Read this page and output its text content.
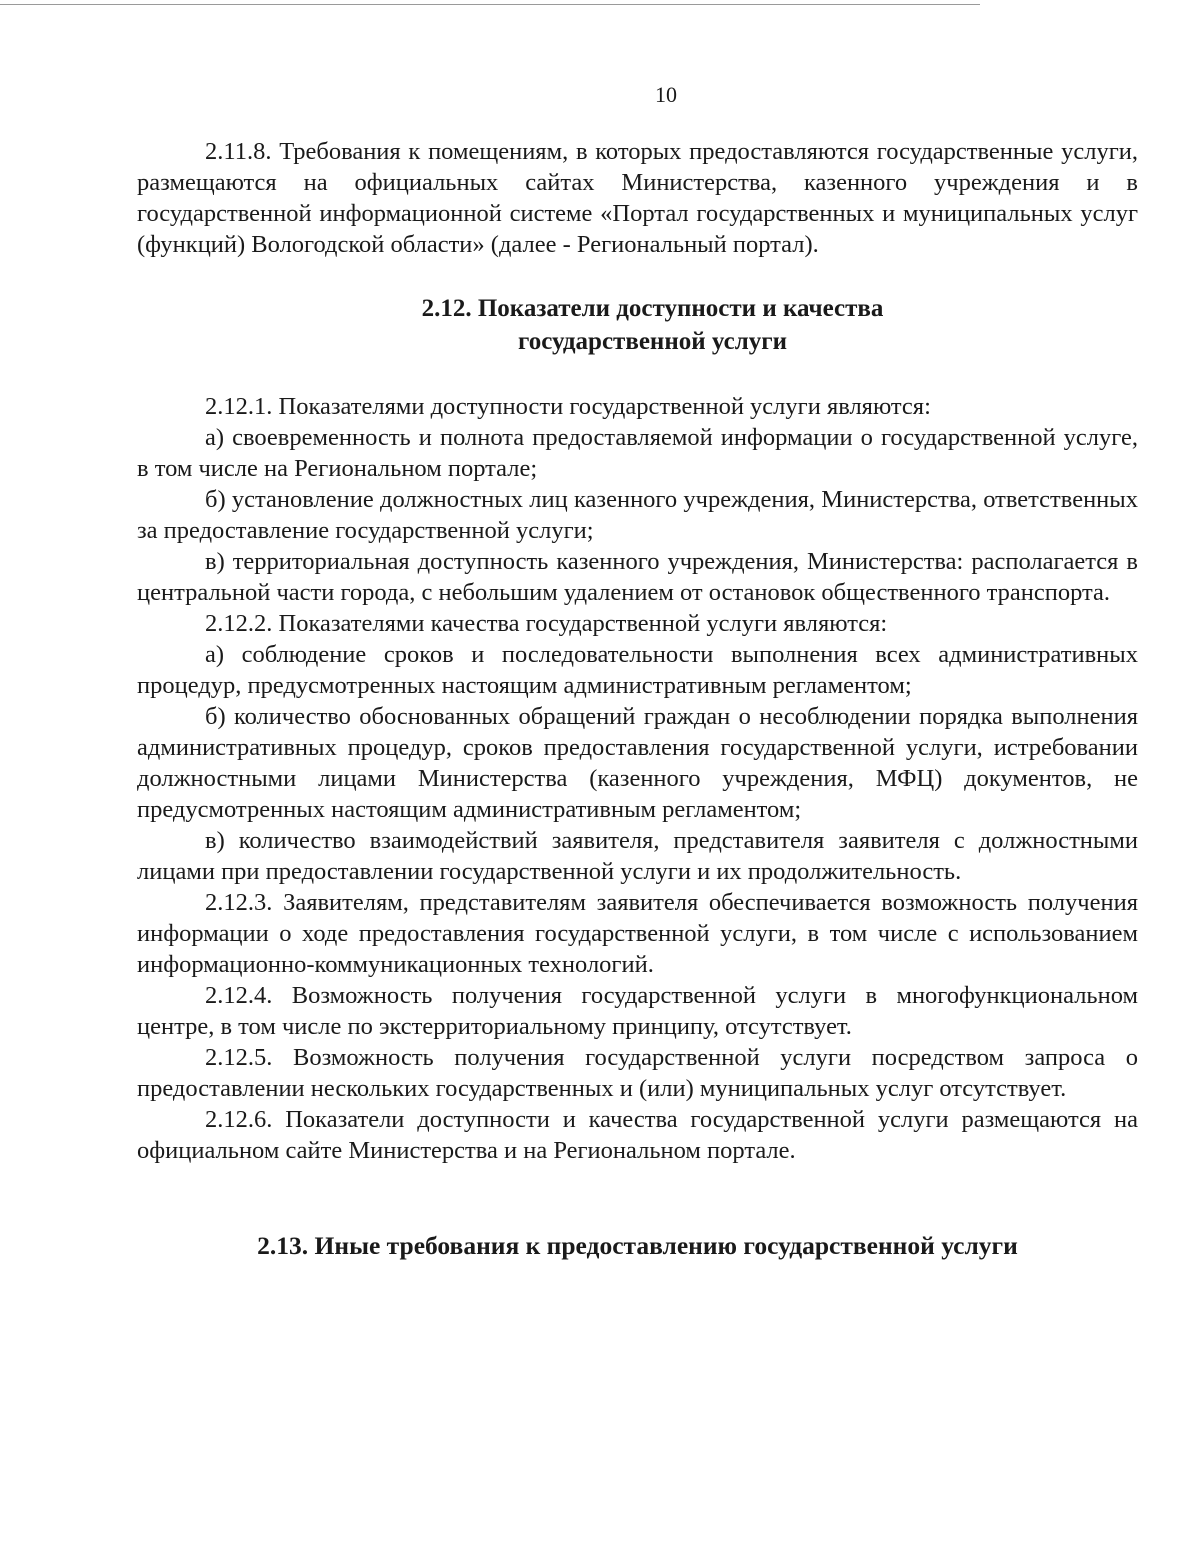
10

2.11.8. Требования к помещениям, в которых предоставляются государственные услуги, размещаются на официальных сайтах Министерства, казенного учреждения и в государственной информационной системе «Портал государственных и муниципальных услуг (функций) Вологодской области» (далее - Региональный портал).

2.12. Показатели доступности и качества
государственной услуги

2.12.1. Показателями доступности государственной услуги являются:

а) своевременность и полнота предоставляемой информации о государственной услуге, в том числе на Региональном портале;

б) установление должностных лиц казенного учреждения, Министерства, ответственных за предоставление государственной услуги;

в) территориальная доступность казенного учреждения, Министерства: располагается в центральной части города, с небольшим удалением от остановок общественного транспорта.

2.12.2. Показателями качества государственной услуги являются:

а) соблюдение сроков и последовательности выполнения всех административных процедур, предусмотренных настоящим административным регламентом;

б) количество обоснованных обращений граждан о несоблюдении порядка выполнения административных процедур, сроков предоставления государственной услуги, истребовании должностными лицами Министерства (казенного учреждения, МФЦ) документов, не предусмотренных настоящим административным регламентом;

в) количество взаимодействий заявителя, представителя заявителя с должностными лицами при предоставлении государственной услуги и их продолжительность.

2.12.3. Заявителям, представителям заявителя обеспечивается возможность получения информации о ходе предоставления государственной услуги, в том числе с использованием информационно-коммуникационных технологий.

2.12.4. Возможность получения государственной услуги в многофункциональном центре, в том числе по экстерриториальному принципу, отсутствует.

2.12.5. Возможность получения государственной услуги посредством запроса о предоставлении нескольких государственных и (или) муниципальных услуг отсутствует.

2.12.6. Показатели доступности и качества государственной услуги размещаются на официальном сайте Министерства и на Региональном портале.

2.13. Иные требования к предоставлению государственной услуги
